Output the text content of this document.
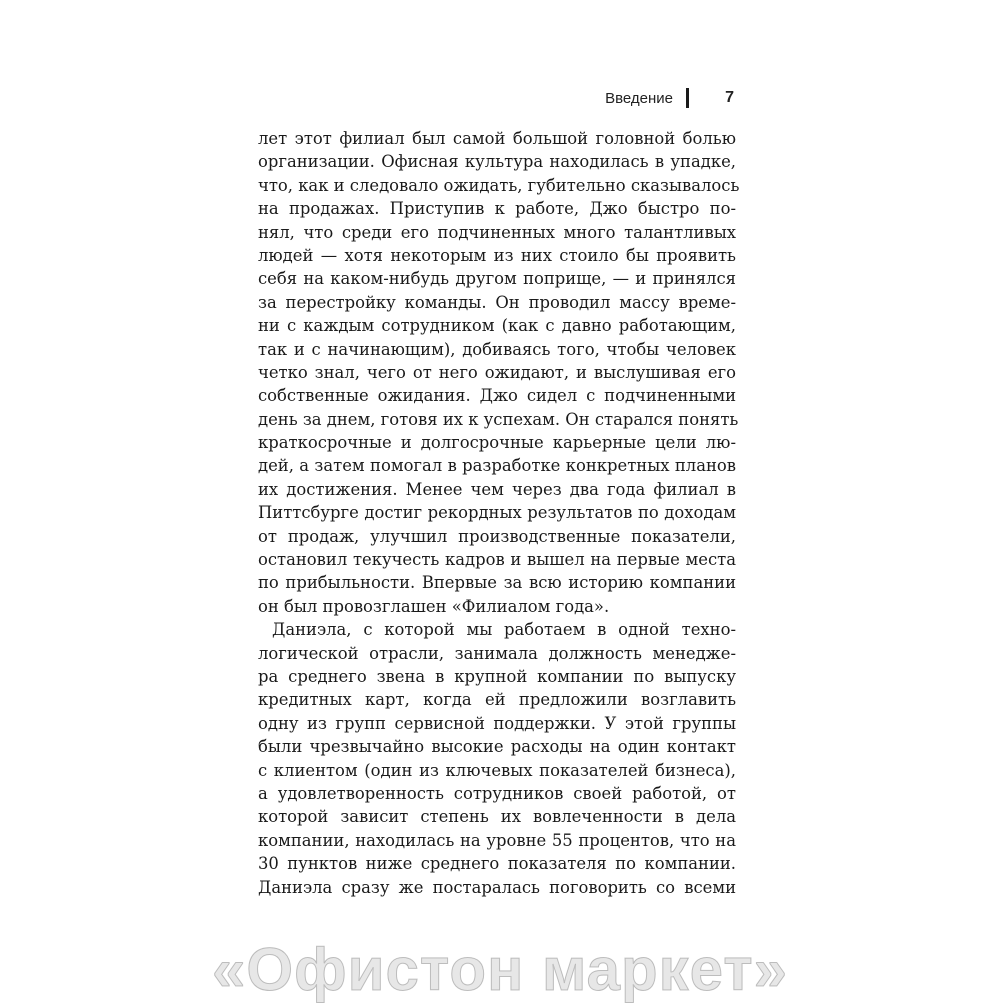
Введение	7
лет этот филиал был самой большой головной болью
организации. Офисная культура находилась в упадке,
что, как и следовало ожидать, губительно сказывалось
на продажах. Приступив к работе, Джо быстро по-
нял, что среди его подчиненных много талантливых
людей — хотя некоторым из них стоило бы проявить
себя на каком-нибудь другом поприще, — и принялся
за перестройку команды. Он проводил массу време-
ни с каждым сотрудником (как с давно работающим,
так и с начинающим), добиваясь того, чтобы человек
четко знал, чего от него ожидают, и выслушивая его
собственные ожидания. Джо сидел с подчиненными
день за днем, готовя их к успехам. Он старался понять
краткосрочные и долгосрочные карьерные цели лю-
дей, а затем помогал в разработке конкретных планов
их достижения. Менее чем через два года филиал в
Питтсбурге достиг рекордных результатов по доходам
от продаж, улучшил производственные показатели,
остановил текучесть кадров и вышел на первые места
по прибыльности. Впервые за всю историю компании
он был провозглашен «Филиалом года».
Даниэла, с которой мы работаем в одной техно-
логической отрасли, занимала должность менедже-
ра среднего звена в крупной компании по выпуску
кредитных карт, когда ей предложили возглавить
одну из групп сервисной поддержки. У этой группы
были чрезвычайно высокие расходы на один контакт
с клиентом (один из ключевых показателей бизнеса),
а удовлетворенность сотрудников своей работой, от
которой зависит степень их вовлеченности в дела
компании, находилась на уровне 55 процентов, что на
30 пунктов ниже среднего показателя по компании.
Даниэла сразу же постаралась поговорить со всеми
«Офистон маркет»
